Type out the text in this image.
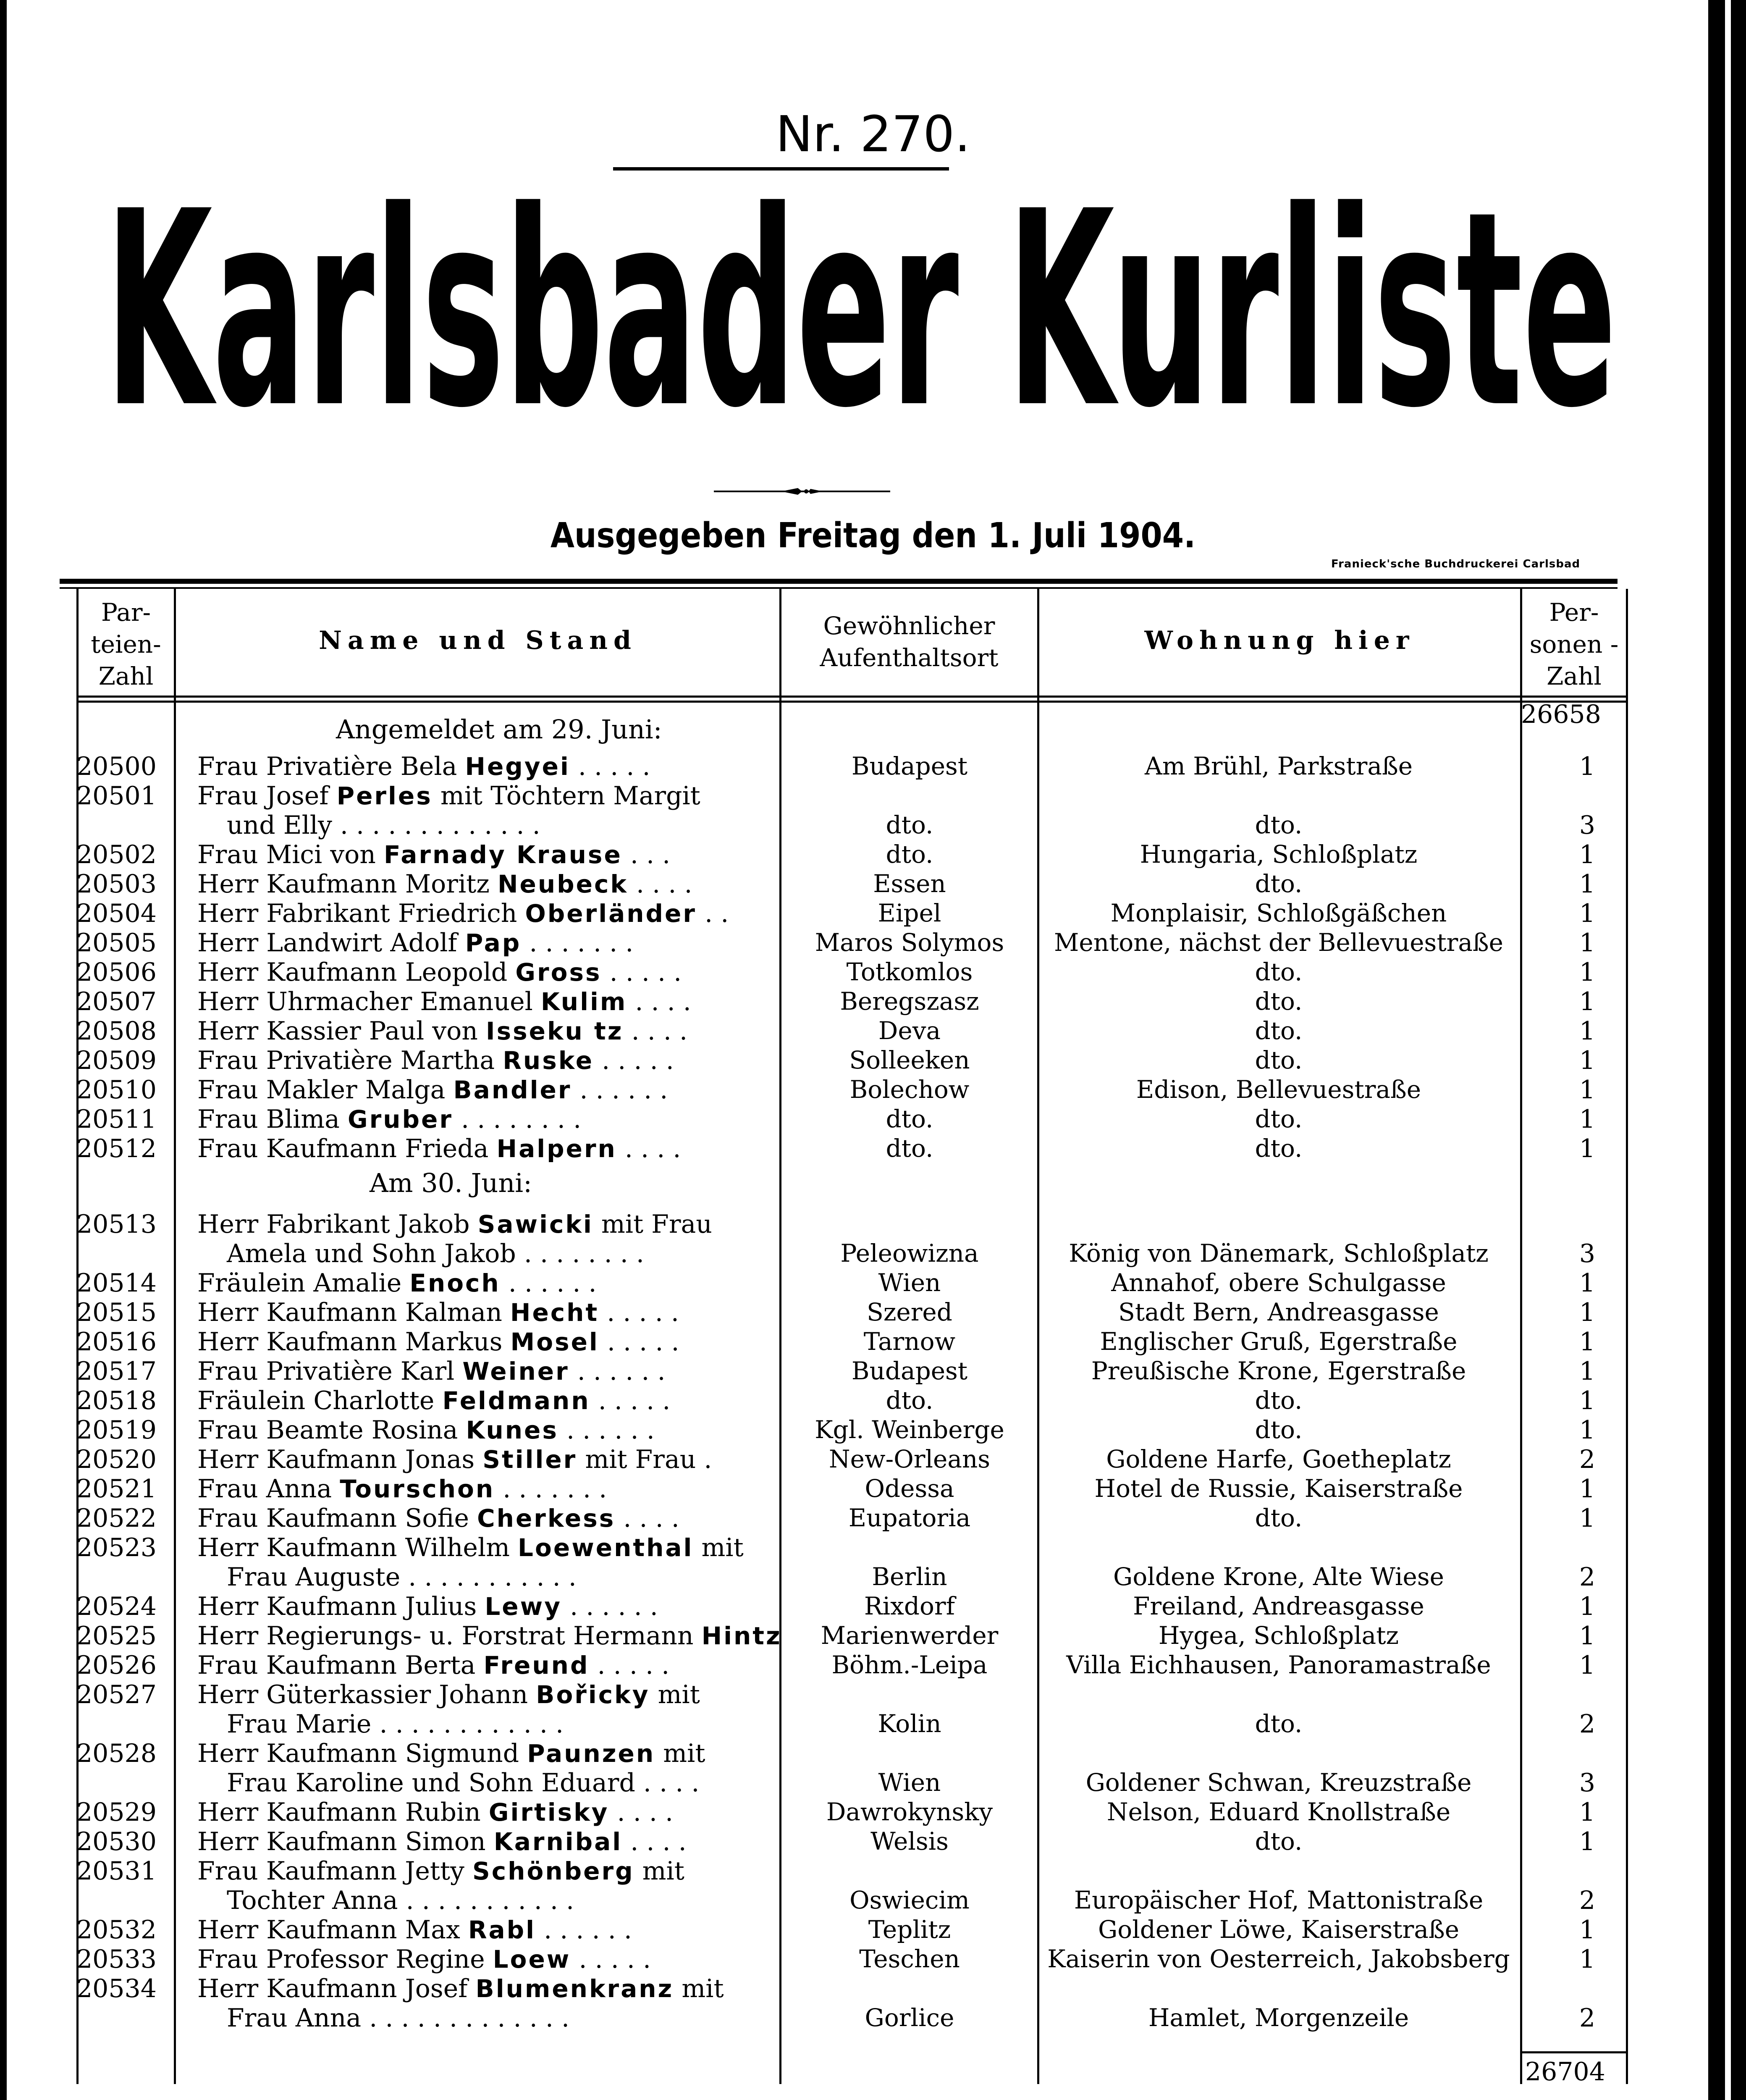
Nr. 270.
Karlsbader Kurliste
Ausgegeben Freitag den 1. Juli 1904.
Franieck'sche Buchdruckerei Carlsbad
Par- teien- Zahl
Name und Stand	Gewöhnlicher Aufenthaltsort
Wohnung hier
Per- sonen - Zahl
26658
26704
Angemeldet am 29. Juni:
20500 Frau Privatière Bela Hegyei . . . . .	Budapest	Am Brühl, Parkstraße	1
20501 Frau Josef Perles mit Töchtern Margit
und Elly . . . . . . . . . . . . .	dto.	dto.	3
20502 Frau Mici von Farnady Krause . . .	dto.	Hungaria, Schloßplatz	1
20503 Herr Kaufmann Moritz Neubeck . . . .	Essen	dto.	1
20504 Herr Fabrikant Friedrich Oberländer . .	Eipel	Monplaisir, Schloßgäßchen	1
20505 Herr Landwirt Adolf Pap . . . . . . .	Maros Solymos	Mentone, nächst der Bellevuestraße	1
20506 Herr Kaufmann Leopold Gross . . . . .	Totkomlos	dto.	1
20507 Herr Uhrmacher Emanuel Kulim . . . .	Beregszasz	dto.	1
20508 Herr Kassier Paul von Isseku tz . . . .	Deva	dto.	1
20509 Frau Privatière Martha Ruske . . . . .	Solleeken	dto.	1
20510 Frau Makler Malga Bandler . . . . . .	Bolechow	Edison, Bellevuestraße	1
20511 Frau Blima Gruber . . . . . . . .	dto.	dto.	1
20512 Frau Kaufmann Frieda Halpern . . . .	dto.	dto.	1
Am 30. Juni:
20513 Herr Fabrikant Jakob Sawicki mit Frau
Amela und Sohn Jakob . . . . . . . .	Peleowizna	König von Dänemark, Schloßplatz	3
20514 Fräulein Amalie Enoch . . . . . .	Wien	Annahof, obere Schulgasse	1
20515 Herr Kaufmann Kalman Hecht . . . . .	Szered	Stadt Bern, Andreasgasse	1
20516 Herr Kaufmann Markus Mosel . . . . .	Tarnow	Englischer Gruß, Egerstraße	1
20517 Frau Privatière Karl Weiner . . . . . .	Budapest	Preußische Krone, Egerstraße	1
20518 Fräulein Charlotte Feldmann . . . . .	dto.	dto.	1
20519 Frau Beamte Rosina Kunes . . . . . .	Kgl. Weinberge	dto.	1
20520 Herr Kaufmann Jonas Stiller mit Frau .	New-Orleans	Goldene Harfe, Goetheplatz	2
20521 Frau Anna Tourschon . . . . . . .	Odessa	Hotel de Russie, Kaiserstraße	1
20522 Frau Kaufmann Sofie Cherkess . . . .	Eupatoria	dto.	1
20523 Herr Kaufmann Wilhelm Loewenthal mit
Frau Auguste . . . . . . . . . . .	Berlin	Goldene Krone, Alte Wiese	2
20524 Herr Kaufmann Julius Lewy . . . . . .	Rixdorf	Freiland, Andreasgasse	1
20525 Herr Regierungs- u. Forstrat Hermann Hintz	Marienwerder	Hygea, Schloßplatz	1
20526 Frau Kaufmann Berta Freund . . . . .	Böhm.-Leipa	Villa Eichhausen, Panoramastraße	1
20527 Herr Güterkassier Johann Bořicky mit
Frau Marie . . . . . . . . . . . .	Kolin	dto.	2
20528 Herr Kaufmann Sigmund Paunzen mit
Frau Karoline und Sohn Eduard . . . .	Wien	Goldener Schwan, Kreuzstraße	3
20529 Herr Kaufmann Rubin Girtisky . . . .	Dawrokynsky	Nelson, Eduard Knollstraße	1
20530 Herr Kaufmann Simon Karnibal . . . .	Welsis	dto.	1
20531 Frau Kaufmann Jetty Schönberg mit
Tochter Anna . . . . . . . . . . .	Oswiecim	Europäischer Hof, Mattonistraße	2
20532 Herr Kaufmann Max Rabl . . . . . .	Teplitz	Goldener Löwe, Kaiserstraße	1
20533 Frau Professor Regine Loew . . . . .	Teschen	Kaiserin von Oesterreich, Jakobsberg	1
20534 Herr Kaufmann Josef Blumenkranz mit
Frau Anna . . . . . . . . . . . . .	Gorlice	Hamlet, Morgenzeile	2
